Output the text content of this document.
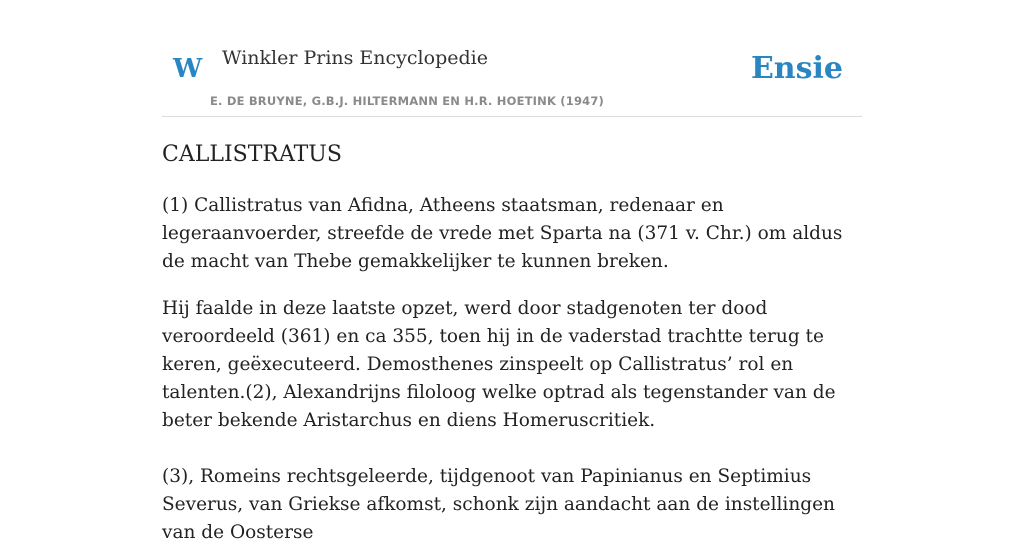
W Winkler Prins Encyclopedie
E. DE BRUYNE, G.B.J. HILTERMANN EN H.R. HOETINK (1947)
Ensie
CALLISTRATUS

(1) Callistratus van Afidna, Atheens staatsman, redenaar en legeraanvoerder, streefde de vrede met Sparta na (371 v. Chr.) om aldus de macht van Thebe gemakkelijker te kunnen breken.

Hij faalde in deze laatste opzet, werd door stadgenoten ter dood veroordeeld (361) en ca 355, toen hij in de vaderstad trachtte terug te keren, geëxecuteerd. Demosthenes zinspeelt op Callistratus’ rol en talenten.(2), Alexandrijns filoloog welke optrad als tegenstander van de beter bekende Aristarchus en diens Homeruscritiek.

(3), Romeins rechtsgeleerde, tijdgenoot van Papinianus en Septimius Severus, van Griekse afkomst, schonk zijn aandacht aan de instellingen van de Oosterse
